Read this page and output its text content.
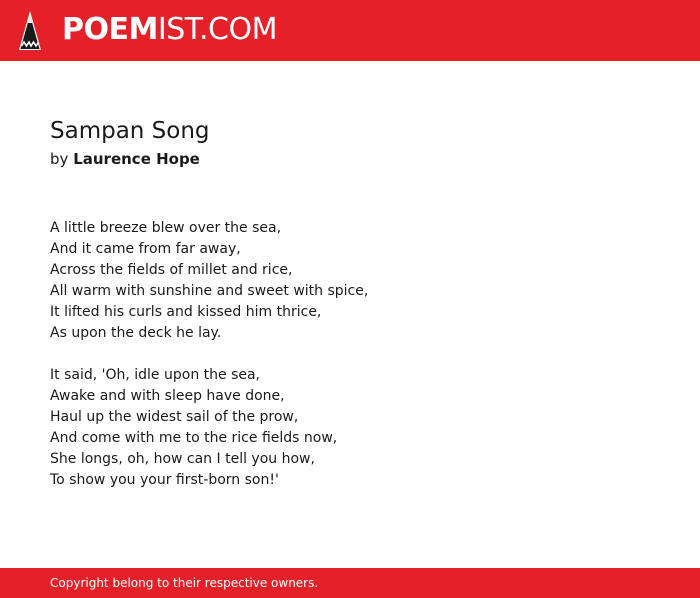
POEMIST.COM
Sampan Song
by Laurence Hope
A little breeze blew over the sea,
And it came from far away,
Across the fields of millet and rice,
All warm with sunshine and sweet with spice,
It lifted his curls and kissed him thrice,
As upon the deck he lay.
It said, 'Oh, idle upon the sea,
Awake and with sleep have done,
Haul up the widest sail of the prow,
And come with me to the rice fields now,
She longs, oh, how can I tell you how,
To show you your first-born son!'
Copyright belong to their respective owners.
